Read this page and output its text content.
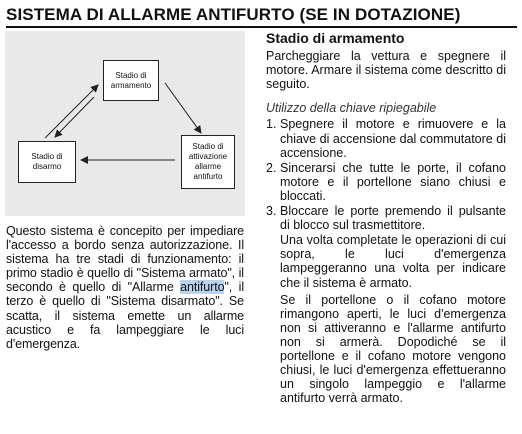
SISTEMA DI ALLARME ANTIFURTO (SE IN DOTAZIONE)
Stadio di
armamento
Stadio di
disarmo
Stadio di
attivazione
allarme
antifurto
Questo sistema è concepito per impediare l'accesso a bordo senza autorizzazione. Il sistema ha tre stadi di funzionamento: il primo stadio è quello di "Sistema armato", il secondo è quello di "Allarme antifurto", il terzo è quello di "Sistema disarmato". Se scatta, il sistema emette un allarme acustico e fa lampeggiare le luci d'emergenza.
Stadio di armamento

Parcheggiare la vettura e spegnere il motore. Armare il sistema come descritto di seguito.

Utilizzo della chiave ripiegabile
1. Spegnere il motore e rimuovere e la chiave di accensione dal commutatore di accensione.
2. Sincerarsi che tutte le porte, il cofano motore e il portellone siano chiusi e bloccati.
3. Bloccare le porte premendo il pulsante di blocco sul trasmettitore.

Una volta completate le operazioni di cui sopra, le luci d'emergenza lampeggeranno una volta per indicare che il sistema è armato.

Se il portellone o il cofano motore rimangono aperti, le luci d'emergenza non si attiveranno e l'allarme antifurto non si armerà. Dopodiché se il portellone e il cofano motore vengono chiusi, le luci d'emergenza effettueranno un singolo lampeggio e l'allarme antifurto verrà armato.
